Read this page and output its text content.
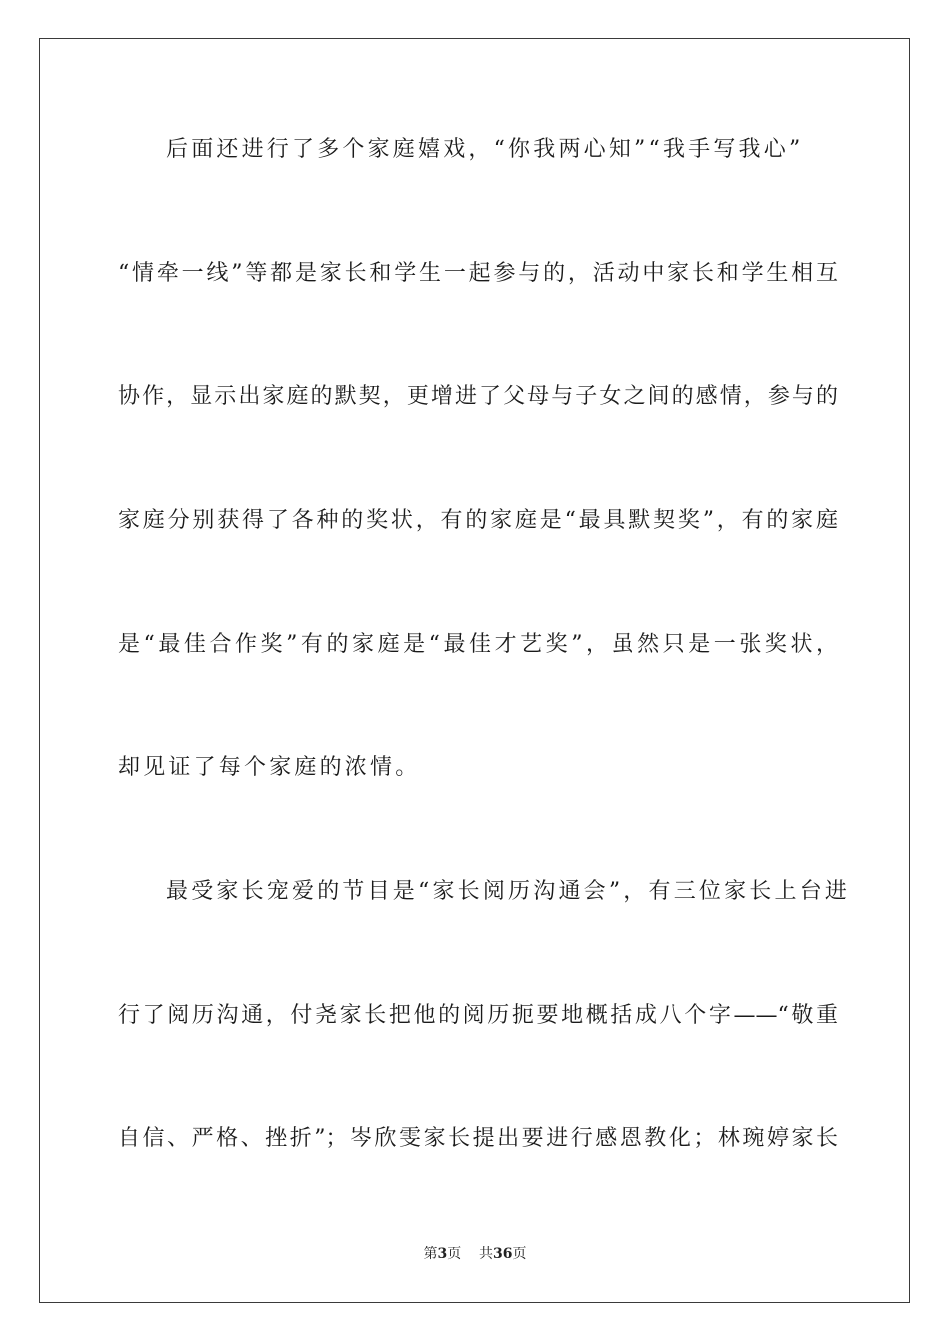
后面还进行了多个家庭嬉戏，“你我两心知”“我手写我心”
“情牵一线”等都是家长和学生一起参与的，活动中家长和学生相互
协作，显示出家庭的默契，更增进了父母与子女之间的感情，参与的
家庭分别获得了各种的奖状，有的家庭是“最具默契奖”，有的家庭
是“最佳合作奖”有的家庭是“最佳才艺奖”，虽然只是一张奖状，
却见证了每个家庭的浓情。
最受家长宠爱的节目是“家长阅历沟通会”，有三位家长上台进
行了阅历沟通，付尧家长把他的阅历扼要地概括成八个字——“敬重
自信、严格、挫折”；岑欣雯家长提出要进行感恩教化；林琬婷家长
第3页 共36页
